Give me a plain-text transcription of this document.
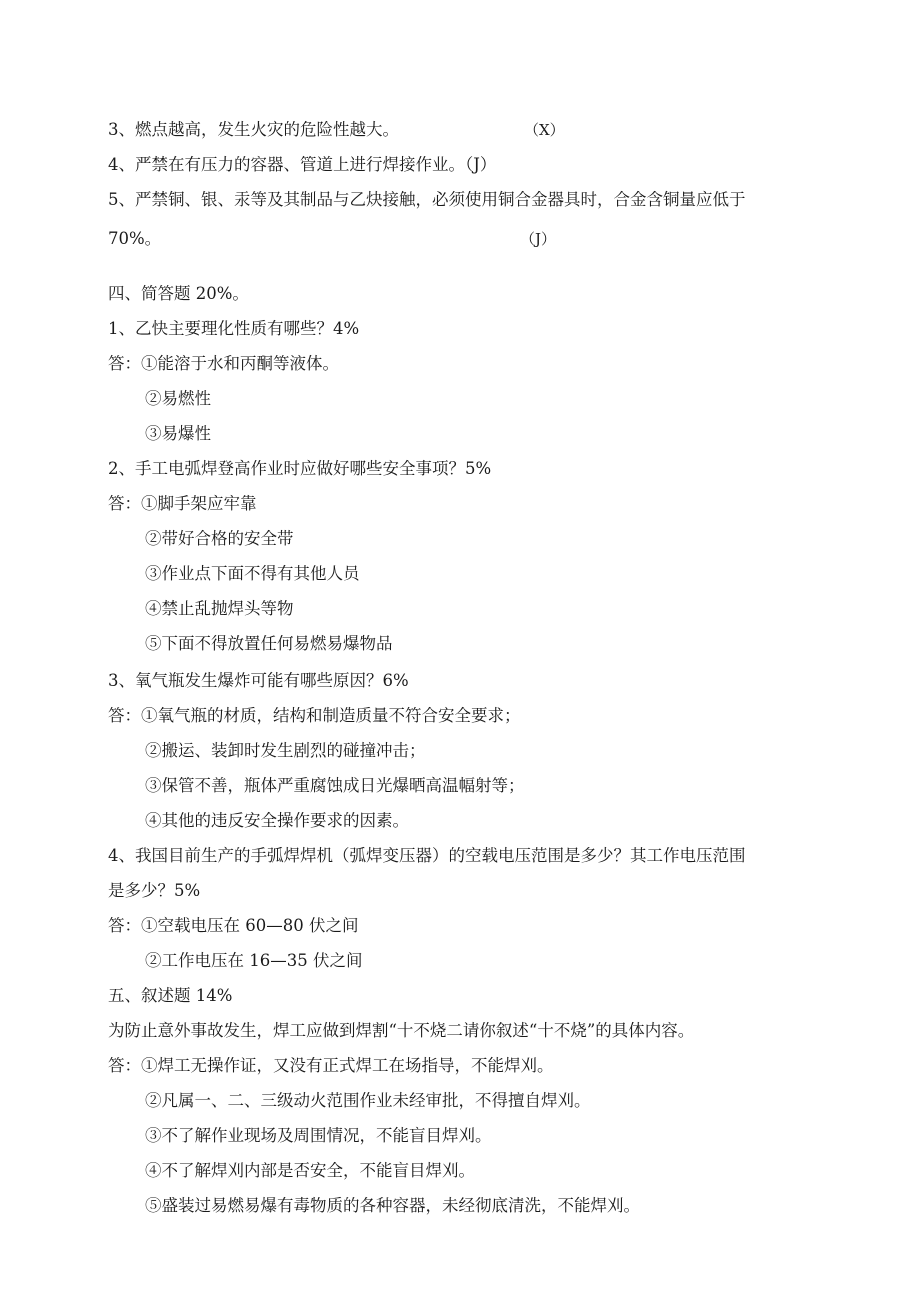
3、燃点越高，发生火灾的危险性越大。	（X）
4、严禁在有压力的容器、管道上进行焊接作业。（J）
5、严禁铜、银、汞等及其制品与乙炔接触，必须使用铜合金器具时，合金含铜量应低于
70%。	（J）
四、简答题 20%。
1、乙快主要理化性质有哪些？4%
答：①能溶于水和丙酮等液体。
②易燃性
③易爆性
2、手工电弧焊登高作业时应做好哪些安全事项？5%
答：①脚手架应牢靠
②带好合格的安全带
③作业点下面不得有其他人员
④禁止乱抛焊头等物
⑤下面不得放置任何易燃易爆物品
3、氧气瓶发生爆炸可能有哪些原因？6%
答：①氧气瓶的材质，结构和制造质量不符合安全要求；
②搬运、装卸时发生剧烈的碰撞冲击；
③保管不善，瓶体严重腐蚀成日光爆晒高温幅射等；
④其他的违反安全操作要求的因素。
4、我国目前生产的手弧焊焊机（弧焊变压器）的空载电压范围是多少？其工作电压范围
是多少？5%
答：①空载电压在 60—80 伏之间
②工作电压在 16—35 伏之间
五、叙述题 14%
为防止意外事故发生，焊工应做到焊割“十不烧二请你叙述“十不烧”的具体内容。
答：①焊工无操作证，又没有正式焊工在场指导，不能焊刈。
②凡属一、二、三级动火范围作业未经审批，不得擅自焊刈。
③不了解作业现场及周围情况，不能盲目焊刈。
④不了解焊刈内部是否安全，不能盲目焊刈。
⑤盛装过易燃易爆有毒物质的各种容器，未经彻底清洗，不能焊刈。
